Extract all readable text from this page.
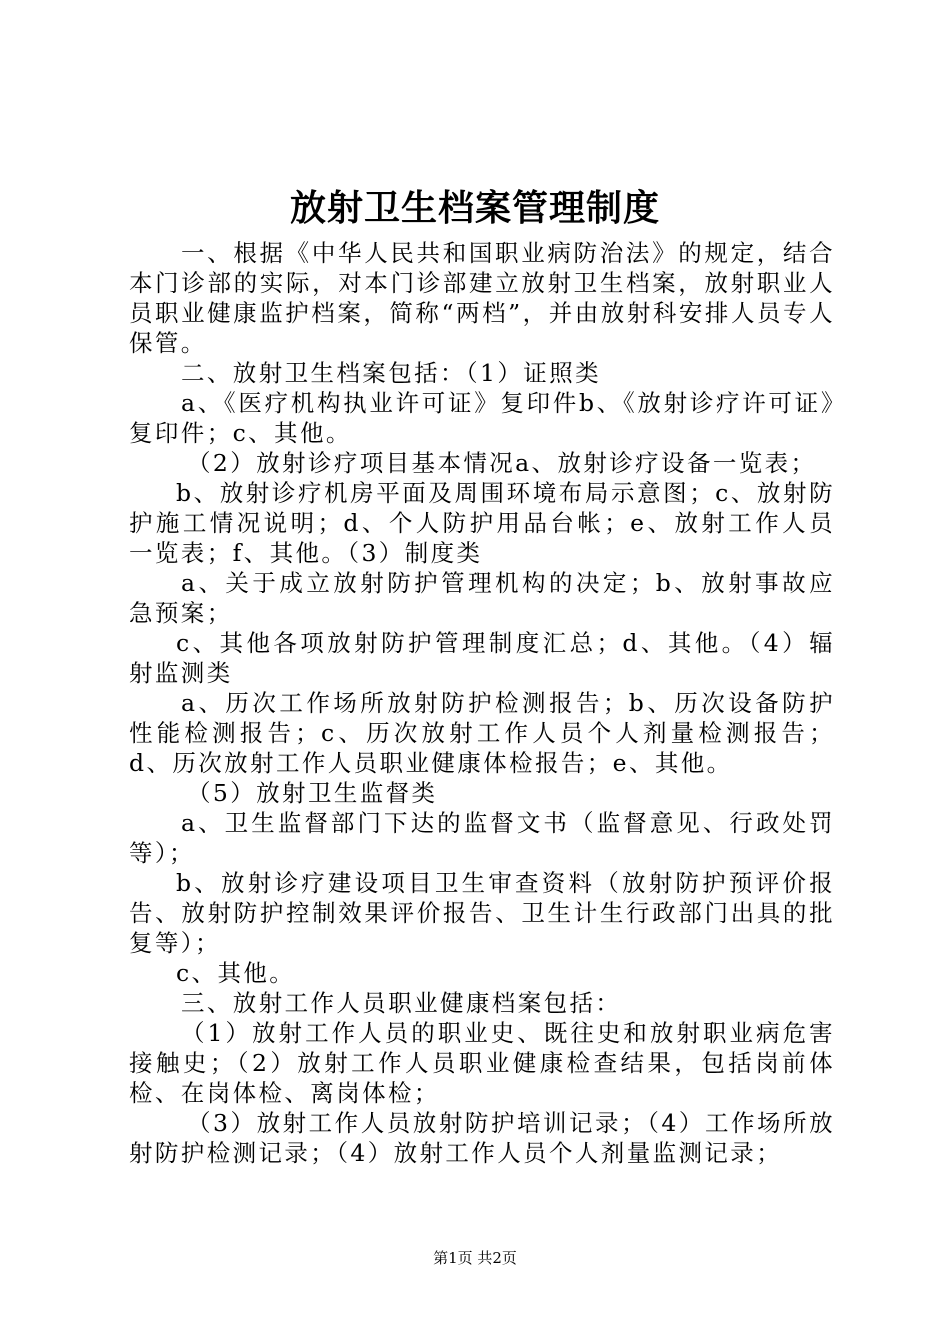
放射卫生档案管理制度

一、根据《中华人民共和国职业病防治法》的规定，结合本门诊部的实际，对本门诊部建立放射卫生档案，放射职业人员职业健康监护档案，简称“两档”，并由放射科安排人员专人保管。

二、放射卫生档案包括：（1）证照类

a、《医疗机构执业许可证》复印件b、《放射诊疗许可证》复印件；c、其他。

（2）放射诊疗项目基本情况a、放射诊疗设备一览表；

b、放射诊疗机房平面及周围环境布局示意图；c、放射防护施工情况说明；d、个人防护用品台帐；e、放射工作人员一览表；f、其他。（3）制度类

a、关于成立放射防护管理机构的决定；b、放射事故应急预案；

c、其他各项放射防护管理制度汇总；d、其他。（4）辐射监测类

a、历次工作场所放射防护检测报告；b、历次设备防护性能检测报告；c、历次放射工作人员个人剂量检测报告；d、历次放射工作人员职业健康体检报告；e、其他。

（5）放射卫生监督类

a、卫生监督部门下达的监督文书（监督意见、行政处罚等）；

b、放射诊疗建设项目卫生审查资料（放射防护预评价报告、放射防护控制效果评价报告、卫生计生行政部门出具的批复等）；

c、其他。

三、放射工作人员职业健康档案包括：

（1）放射工作人员的职业史、既往史和放射职业病危害接触史；（2）放射工作人员职业健康检查结果，包括岗前体检、在岗体检、离岗体检；

（3）放射工作人员放射防护培训记录；（4）工作场所放射防护检测记录；（4）放射工作人员个人剂量监测记录；

第1页 共2页
